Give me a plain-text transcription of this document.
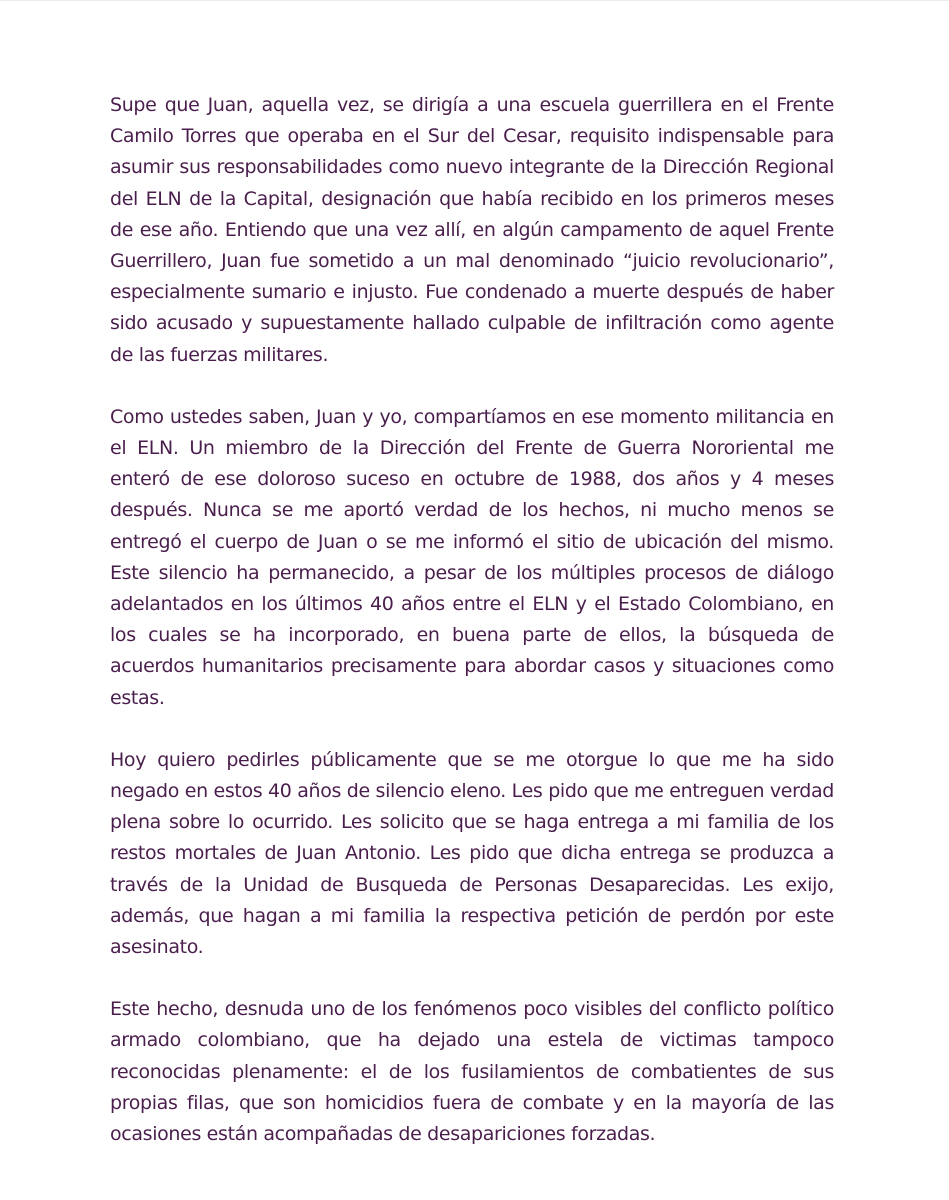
Supe que Juan, aquella vez, se dirigía a una escuela guerrillera en el Frente Camilo Torres que operaba en el Sur del Cesar, requisito indispensable para asumir sus responsabilidades como nuevo integrante de la Dirección Regional del ELN de la Capital, designación que había recibido en los primeros meses de ese año. Entiendo que una vez allí, en algún campamento de aquel Frente Guerrillero, Juan fue sometido a un mal denominado “juicio revolucionario”, especialmente sumario e injusto. Fue condenado a muerte después de haber sido acusado y supuestamente hallado culpable de infiltración como agente de las fuerzas militares.

Como ustedes saben, Juan y yo, compartíamos en ese momento militancia en el ELN. Un miembro de la Dirección del Frente de Guerra Nororiental me enteró de ese doloroso suceso en octubre de 1988, dos años y 4 meses después. Nunca se me aportó verdad de los hechos, ni mucho menos se entregó el cuerpo de Juan o se me informó el sitio de ubicación del mismo. Este silencio ha permanecido, a pesar de los múltiples procesos de diálogo adelantados en los últimos 40 años entre el ELN y el Estado Colombiano, en los cuales se ha incorporado, en buena parte de ellos, la búsqueda de acuerdos humanitarios precisamente para abordar casos y situaciones como estas.

Hoy quiero pedirles públicamente que se me otorgue lo que me ha sido negado en estos 40 años de silencio eleno. Les pido que me entreguen verdad plena sobre lo ocurrido. Les solicito que se haga entrega a mi familia de los restos mortales de Juan Antonio. Les pido que dicha entrega se produzca a través de la Unidad de Busqueda de Personas Desaparecidas. Les exijo, además, que hagan a mi familia la respectiva petición de perdón por este asesinato.

Este hecho, desnuda uno de los fenómenos poco visibles del conflicto político armado colombiano, que ha dejado una estela de victimas tampoco reconocidas plenamente: el de los fusilamientos de combatientes de sus propias filas, que son homicidios fuera de combate y en la mayoría de las ocasiones están acompañadas de desapariciones forzadas.
